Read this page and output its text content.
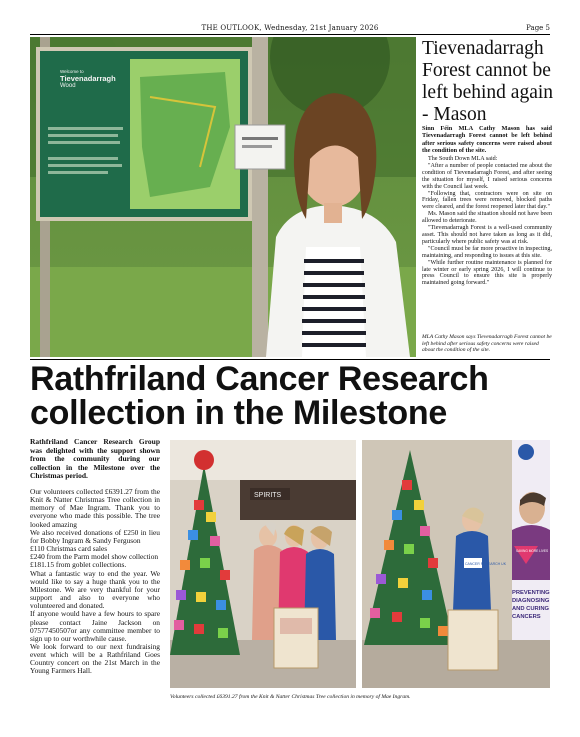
THE OUTLOOK, Wednesday, 21st January 2026	Page 5
Welcome to
Tievenadarragh
Wood
Tievenadarragh Forest cannot be left behind again - Mason
Sinn Féin MLA Cathy Mason has said Tievenadarragh Forest cannot be left behind after serious safety concerns were raised about the condition of the site.

The South Down MLA said:

"After a number of people contacted me about the condition of Tievenadarragh Forest, and after seeing the situation for myself, I raised serious concerns with the Council last week.

"Following that, contractors were on site on Friday, fallen trees were removed, blocked paths were cleared, and the forest reopened later that day."

Ms. Mason said the situation should not have been allowed to deteriorate.

"Tievenadarragh Forest is a well-used community asset. This should not have taken as long as it did, particularly where public safety was at risk.

"Council must be far more proactive in inspecting, maintaining, and responding to issues at this site.

"While further routine maintenance is planned for late winter or early spring 2026, I will continue to press Council to ensure this site is properly maintained going forward."

MLA Cathy Mason says Tievenadarragh Forest cannot be left behind after serious safety concerns were raised about the condition of the site.
Rathfriland Cancer Research collection in the Milestone
Rathfriland Cancer Research Group was delighted with the support shown from the community during our collection in the Milestone over the Christmas period.

Our volunteers collected £6391.27 from the Knit & Natter Christmas Tree collection in memory of Mae Ingram. Thank you to everyone who made this possible. The tree looked amazing

We also received donations of £250 in lieu for Bobby Ingram & Sandy Ferguson

£110 Christmas card sales

£240 from the Parm model show collection

£181.15 from goblet collections.

What a fantastic way to end the year. We would like to say a huge thank you to the Milestone. We are very thankful for your support and also to everyone who volunteered and donated.

If anyone would have a few hours to spare please contact Jaine Jackson on 07577450507or any committee member to sign up to our worthwhile cause.

We look forward to our next fundraising event which will be a Rathfriland Goes Country concert on the 21st March in the Young Farmers Hall.

SPIRITS
CANCER RESEARCH UK
SAVING MORE LIVES
PREVENTING
DIAGNOSING
AND CURING
CANCERS
Volunteers collected £6391.27 from the Knit & Natter Christmas Tree collection in memory of Mae Ingram.
